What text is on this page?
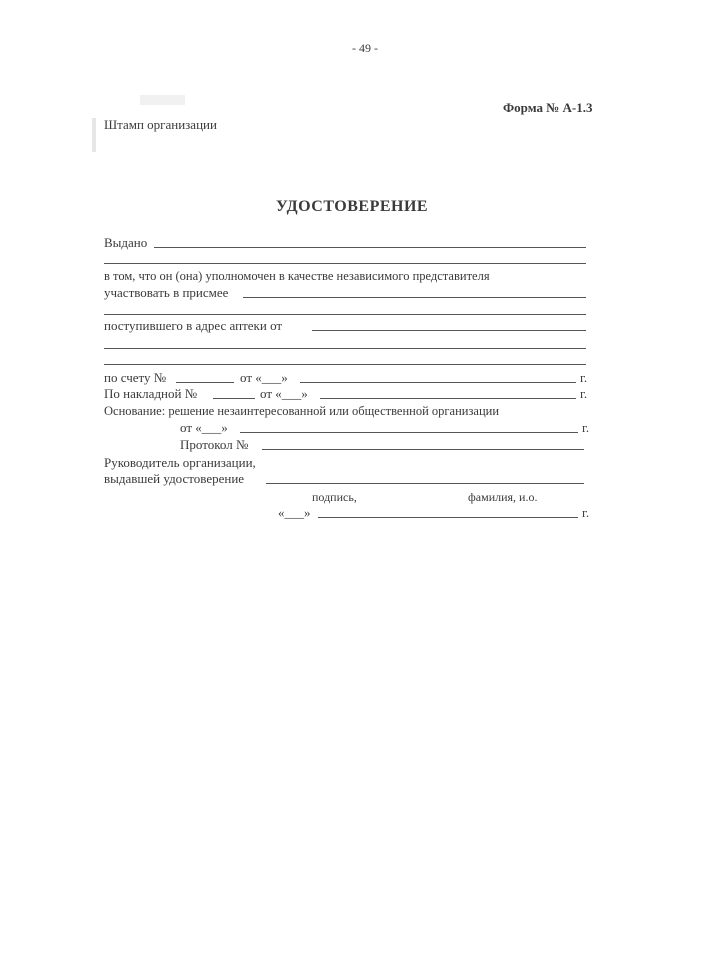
- 49 -
Форма № А-1.3
Штамп организации
УДОСТОВЕРЕНИЕ
Выдано
в том, что он (она) уполномочен в качестве независимого представителя
участвовать в присмее
поступившего в адрес аптеки от
по счету №	от «___»	г.
По накладной №	от «___»	г.
Основание: решение незаинтересованной или общественной организации
от «___»	г.
Протокол №
Руководитель организации,
выдавшей удостоверение
подпись,	фамилия, и.о.
«___»	г.
